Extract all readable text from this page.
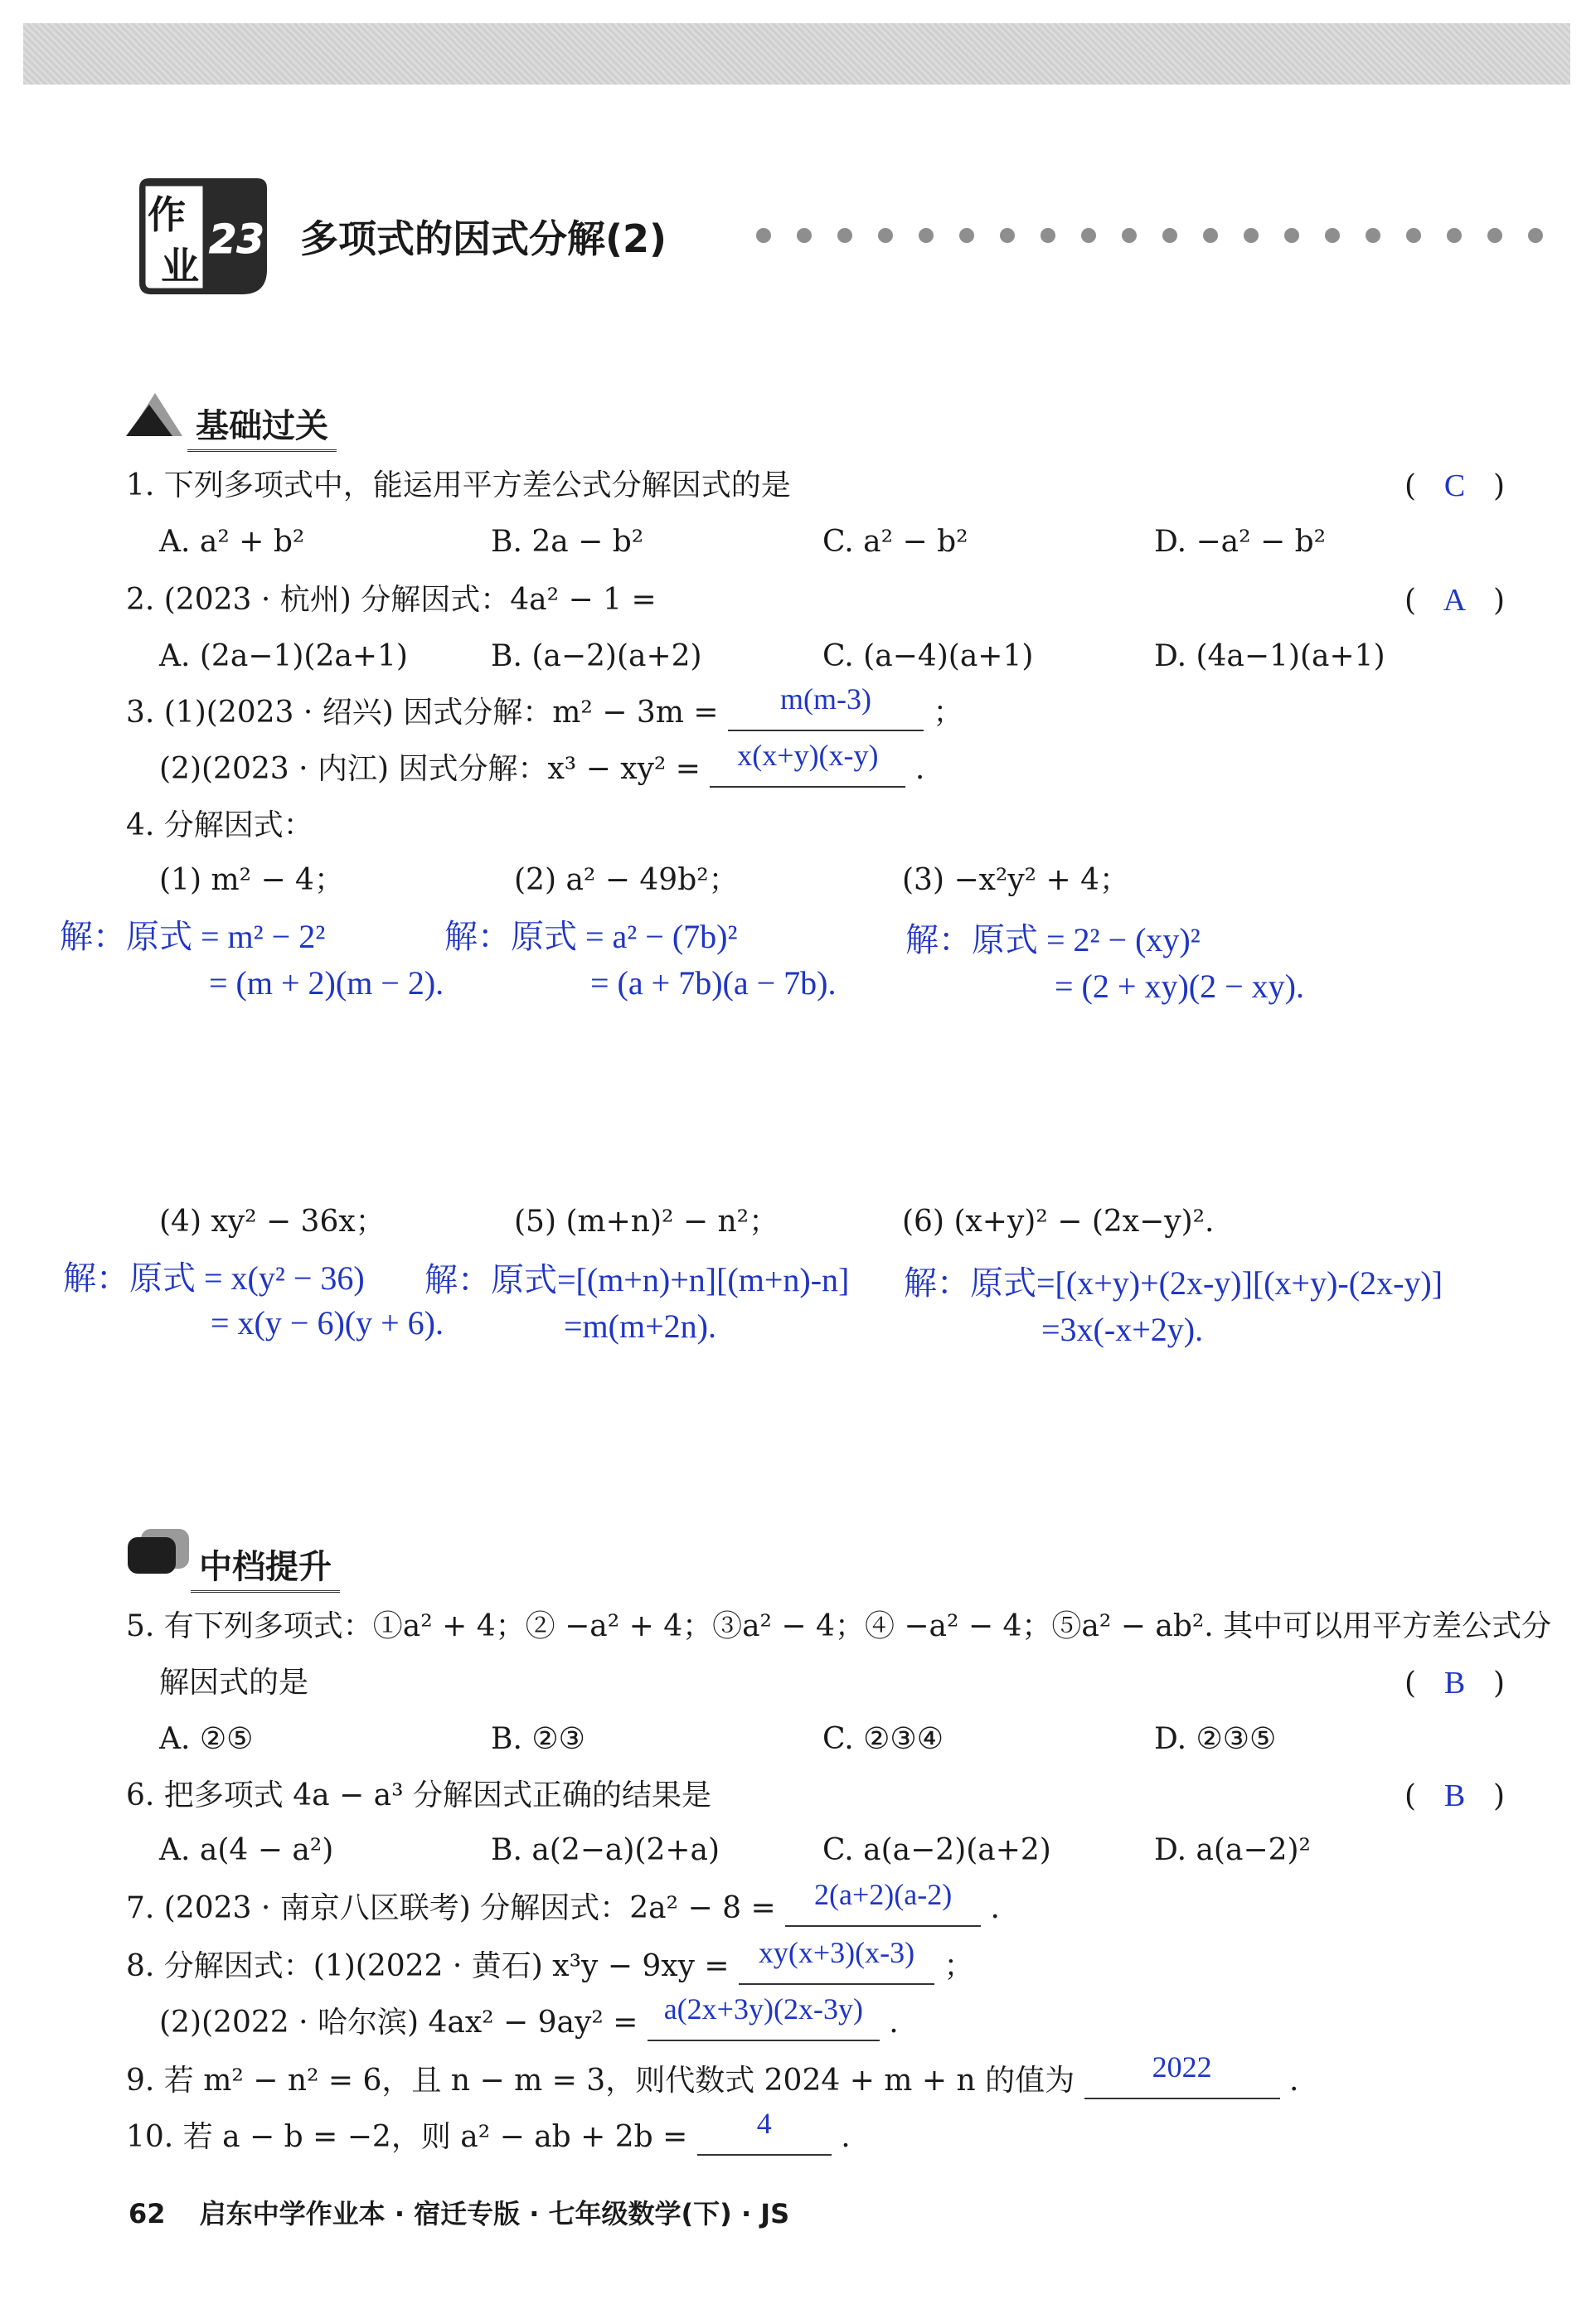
作
业
23 多项式的因式分解(2)
基础过关
1. 下列多项式中，能运用平方差公式分解因式的是	( C )
A. a² + b²	B. 2a − b²	C. a² − b²	D. −a² − b²
2. (2023 · 杭州) 分解因式：4a² − 1 =	( A )
A. (2a−1)(2a+1)	B. (a−2)(a+2)	C. (a−4)(a+1)	D. (4a−1)(a+1)
3. (1)(2023 · 绍兴) 因式分解：m² − 3m = m(m-3) ；
(2)(2023 · 内江) 因式分解：x³ − xy² = x(x+y)(x-y) .
4. 分解因式：
(1) m² − 4；	(2) a² − 49b²；	(3) −x²y² + 4；
解：原式 = m² − 2²
= (m + 2)(m − 2).
解：原式 = a² − (7b)²
= (a + 7b)(a − 7b).
解：原式 = 2² − (xy)²
= (2 + xy)(2 − xy).
(4) xy² − 36x；	(5) (m+n)² − n²；	(6) (x+y)² − (2x−y)².
解：原式 = x(y² − 36)
= x(y − 6)(y + 6).
解：原式=[(m+n)+n][(m+n)-n]
=m(m+2n).
解：原式=[(x+y)+(2x-y)][(x+y)-(2x-y)]
=3x(-x+2y).
中档提升
5. 有下列多项式：①a² + 4；② −a² + 4；③a² − 4；④ −a² − 4；⑤a² − ab². 其中可以用平方差公式分
解因式的是	( B )
A. ②⑤	B. ②③	C. ②③④	D. ②③⑤
6. 把多项式 4a − a³ 分解因式正确的结果是	( B )
A. a(4 − a²)	B. a(2−a)(2+a)	C. a(a−2)(a+2)	D. a(a−2)²
7. (2023 · 南京八区联考) 分解因式：2a² − 8 = 2(a+2)(a-2) .
8. 分解因式：(1)(2022 · 黄石) x³y − 9xy = xy(x+3)(x-3) ；
(2)(2022 · 哈尔滨) 4ax² − 9ay² = a(2x+3y)(2x-3y) .
9. 若 m² − n² = 6，且 n − m = 3，则代数式 2024 + m + n 的值为	2022	.
10. 若 a − b = −2，则 a² − ab + 2b = 4 .
62 启东中学作业本 · 宿迁专版 · 七年级数学(下) · JS
